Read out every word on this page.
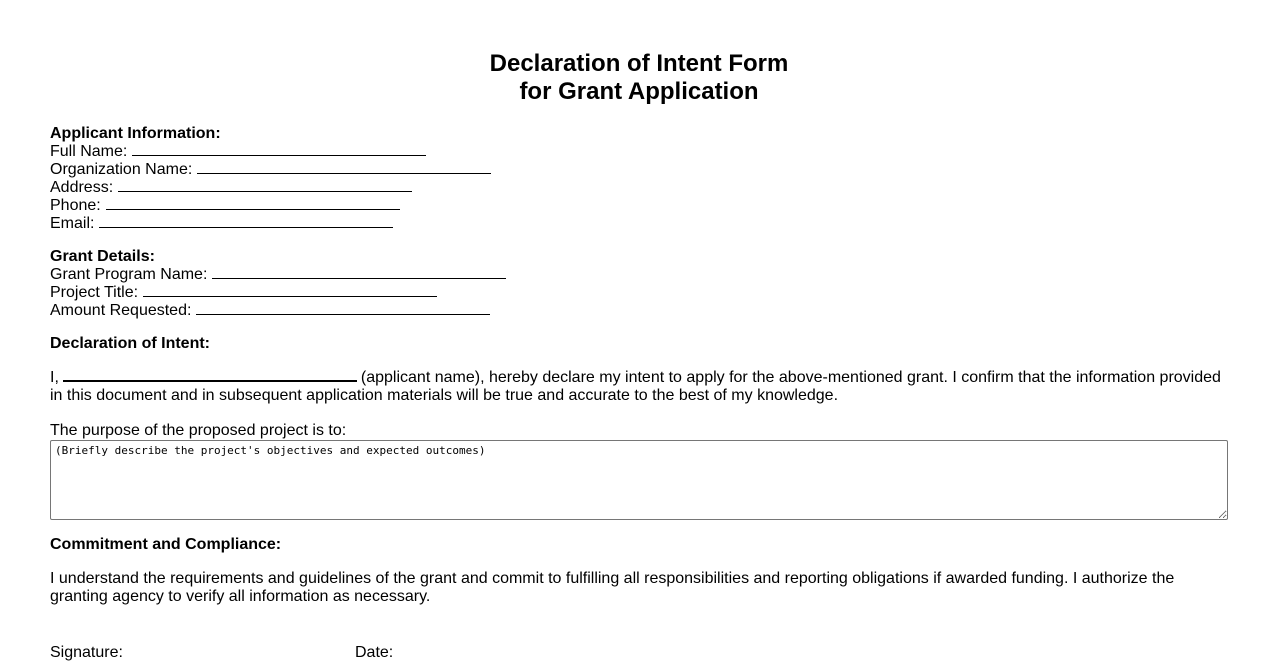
Declaration of Intent Form
for Grant Application
Applicant Information:
Full Name:
Organization Name:
Address:
Phone:
Email:
Grant Details:
Grant Program Name:
Project Title:
Amount Requested:
Declaration of Intent:

I,	(applicant name), hereby declare my intent to apply for the above-mentioned grant. I confirm that the information provided in this document and in subsequent application materials will be true and accurate to the best of my knowledge.

The purpose of the proposed project is to:
(Briefly describe the project's objectives and expected outcomes)
Commitment and Compliance:

I understand the requirements and guidelines of the grant and commit to fulfilling all responsibilities and reporting obligations if awarded funding. I authorize the granting agency to verify all information as necessary.

Signature:	Date:
